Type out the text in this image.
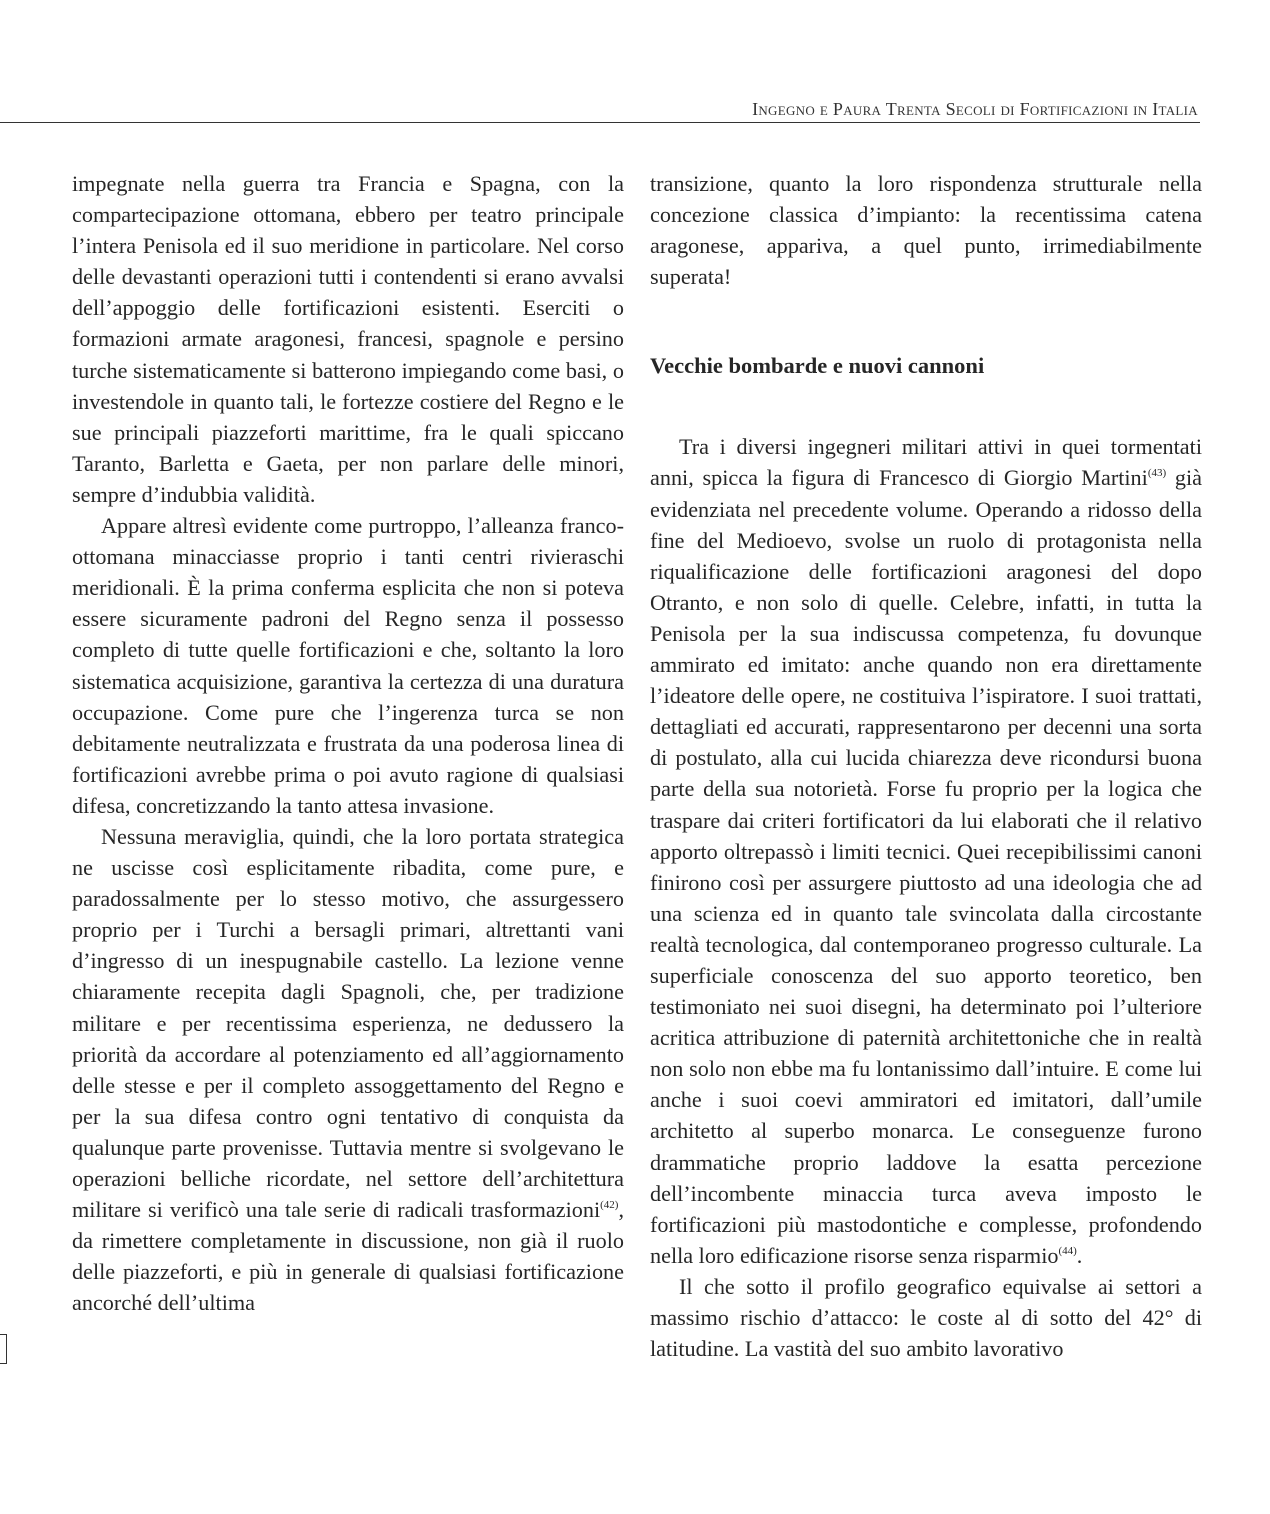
Ingegno e Paura Trenta Secoli di Fortificazioni in Italia

impegnate nella guerra tra Francia e Spagna, con la compartecipazione ottomana, ebbero per teatro principale l’intera Penisola ed il suo meridione in particolare. Nel corso delle devastanti operazioni tutti i contendenti si erano avvalsi dell’appoggio delle fortificazioni esistenti. Eserciti o formazioni armate aragonesi, francesi, spagnole e persino turche sistematicamente si batterono impiegando come basi, o investendole in quanto tali, le fortezze costiere del Regno e le sue principali piazzeforti marittime, fra le quali spiccano Taranto, Barletta e Gaeta, per non parlare delle minori, sempre d’indubbia validità.

Appare altresì evidente come purtroppo, l’alleanza franco-ottomana minacciasse proprio i tanti centri rivieraschi meridionali. È la prima conferma esplicita che non si poteva essere sicuramente padroni del Regno senza il possesso completo di tutte quelle fortificazioni e che, soltanto la loro sistematica acquisizione, garantiva la certezza di una duratura occupazione. Come pure che l’ingerenza turca se non debitamente neutralizzata e frustrata da una poderosa linea di fortificazioni avrebbe prima o poi avuto ragione di qualsiasi difesa, concretizzando la tanto attesa invasione.

Nessuna meraviglia, quindi, che la loro portata strategica ne uscisse così esplicitamente ribadita, come pure, e paradossalmente per lo stesso motivo, che assurgessero proprio per i Turchi a bersagli primari, altrettanti vani d’ingresso di un inespugnabile castello. La lezione venne chiaramente recepita dagli Spagnoli, che, per tradizione militare e per recentissima esperienza, ne dedussero la priorità da accordare al potenziamento ed all’aggiornamento delle stesse e per il completo assoggettamento del Regno e per la sua difesa contro ogni tentativo di conquista da qualunque parte provenisse. Tuttavia mentre si svolgevano le operazioni belliche ricordate, nel settore dell’architettura militare si verificò una tale serie di radicali trasformazioni$^{(42)}$, da rimettere completamente in discussione, non già il ruolo delle piazzeforti, e più in generale di qualsiasi fortificazione ancorché dell’ultima

transizione, quanto la loro rispondenza strutturale nella concezione classica d’impianto: la recentissima catena aragonese, appariva, a quel punto, irrimediabilmente superata!

Vecchie bombarde e nuovi cannoni

Tra i diversi ingegneri militari attivi in quei tormentati anni, spicca la figura di Francesco di Giorgio Martini$^{(43)}$ già evidenziata nel precedente volume. Operando a ridosso della fine del Medioevo, svolse un ruolo di protagonista nella riqualificazione delle fortificazioni aragonesi del dopo Otranto, e non solo di quelle. Celebre, infatti, in tutta la Penisola per la sua indiscussa competenza, fu dovunque ammirato ed imitato: anche quando non era direttamente l’ideatore delle opere, ne costituiva l’ispiratore. I suoi trattati, dettagliati ed accurati, rappresentarono per decenni una sorta di postulato, alla cui lucida chiarezza deve ricondursi buona parte della sua notorietà. Forse fu proprio per la logica che traspare dai criteri fortificatori da lui elaborati che il relativo apporto oltrepassò i limiti tecnici. Quei recepibilissimi canoni finirono così per assurgere piuttosto ad una ideologia che ad una scienza ed in quanto tale svincolata dalla circostante realtà tecnologica, dal contemporaneo progresso culturale. La superficiale conoscenza del suo apporto teoretico, ben testimoniato nei suoi disegni, ha determinato poi l’ulteriore acritica attribuzione di paternità architettoniche che in realtà non solo non ebbe ma fu lontanissimo dall’intuire. E come lui anche i suoi coevi ammiratori ed imitatori, dall’umile architetto al superbo monarca. Le conseguenze furono drammatiche proprio laddove la esatta percezione dell’incombente minaccia turca aveva imposto le fortificazioni più mastodontiche e complesse, profondendo nella loro edificazione risorse senza risparmio$^{(44)}$.

Il che sotto il profilo geografico equivalse ai settori a massimo rischio d’attacco: le coste al di sotto del 42° di latitudine. La vastità del suo ambito lavorativo
